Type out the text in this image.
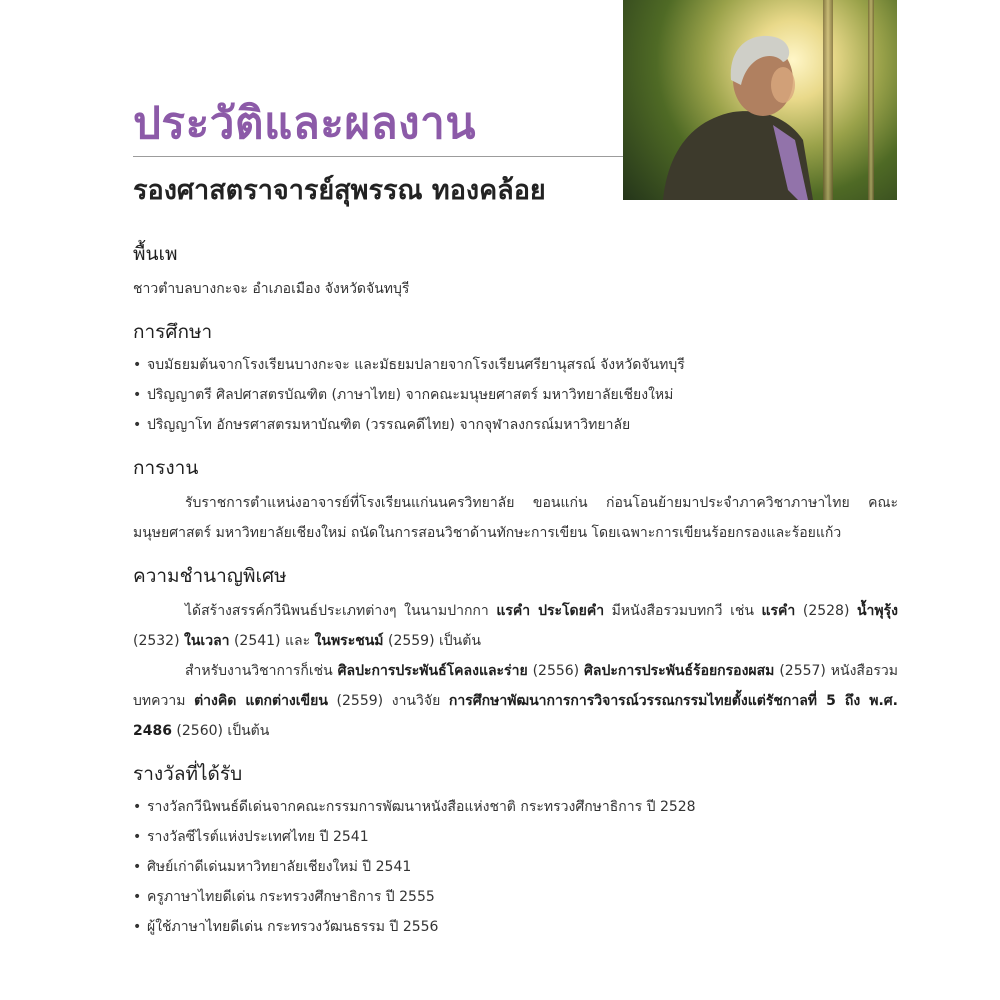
ประวัติและผลงาน
รองศาสตราจารย์สุพรรณ ทองคล้อย
พื้นเพ

ชาวตำบลบางกะจะ อำเภอเมือง จังหวัดจันทบุรี

การศึกษา
• จบมัธยมต้นจากโรงเรียนบางกะจะ และมัธยมปลายจากโรงเรียนศรียานุสรณ์ จังหวัดจันทบุรี
• ปริญญาตรี ศิลปศาสตรบัณฑิต (ภาษาไทย) จากคณะมนุษยศาสตร์ มหาวิทยาลัยเชียงใหม่
• ปริญญาโท อักษรศาสตรมหาบัณฑิต (วรรณคดีไทย) จากจุฬาลงกรณ์มหาวิทยาลัย
การงาน

รับราชการตำแหน่งอาจารย์ที่โรงเรียนแก่นนครวิทยาลัย ขอนแก่น ก่อนโอนย้ายมาประจำภาควิชาภาษาไทย คณะมนุษยศาสตร์ มหาวิทยาลัยเชียงใหม่ ถนัดในการสอนวิชาด้านทักษะการเขียน โดยเฉพาะการเขียนร้อยกรองและร้อยแก้ว

ความชำนาญพิเศษ

ได้สร้างสรรค์กวีนิพนธ์ประเภทต่างๆ ในนามปากกา แรคำ ประโดยคำ มีหนังสือรวมบทกวี เช่น แรคำ (2528) น้ำพุรุ้ง (2532) ในเวลา (2541) และ ในพระชนม์ (2559) เป็นต้น

สำหรับงานวิชาการก็เช่น ศิลปะการประพันธ์โคลงและร่าย (2556) ศิลปะการประพันธ์ร้อยกรองผสม (2557) หนังสือรวมบทความ ต่างคิด แตกต่างเขียน (2559) งานวิจัย การศึกษาพัฒนาการการวิจารณ์วรรณกรรมไทยตั้งแต่รัชกาลที่ 5 ถึง พ.ศ. 2486 (2560) เป็นต้น

รางวัลที่ได้รับ
• รางวัลกวีนิพนธ์ดีเด่นจากคณะกรรมการพัฒนาหนังสือแห่งชาติ กระทรวงศึกษาธิการ ปี 2528
• รางวัลซีไรต์แห่งประเทศไทย ปี 2541
• ศิษย์เก่าดีเด่นมหาวิทยาลัยเชียงใหม่ ปี 2541
• ครูภาษาไทยดีเด่น กระทรวงศึกษาธิการ ปี 2555
• ผู้ใช้ภาษาไทยดีเด่น กระทรวงวัฒนธรรม ปี 2556
